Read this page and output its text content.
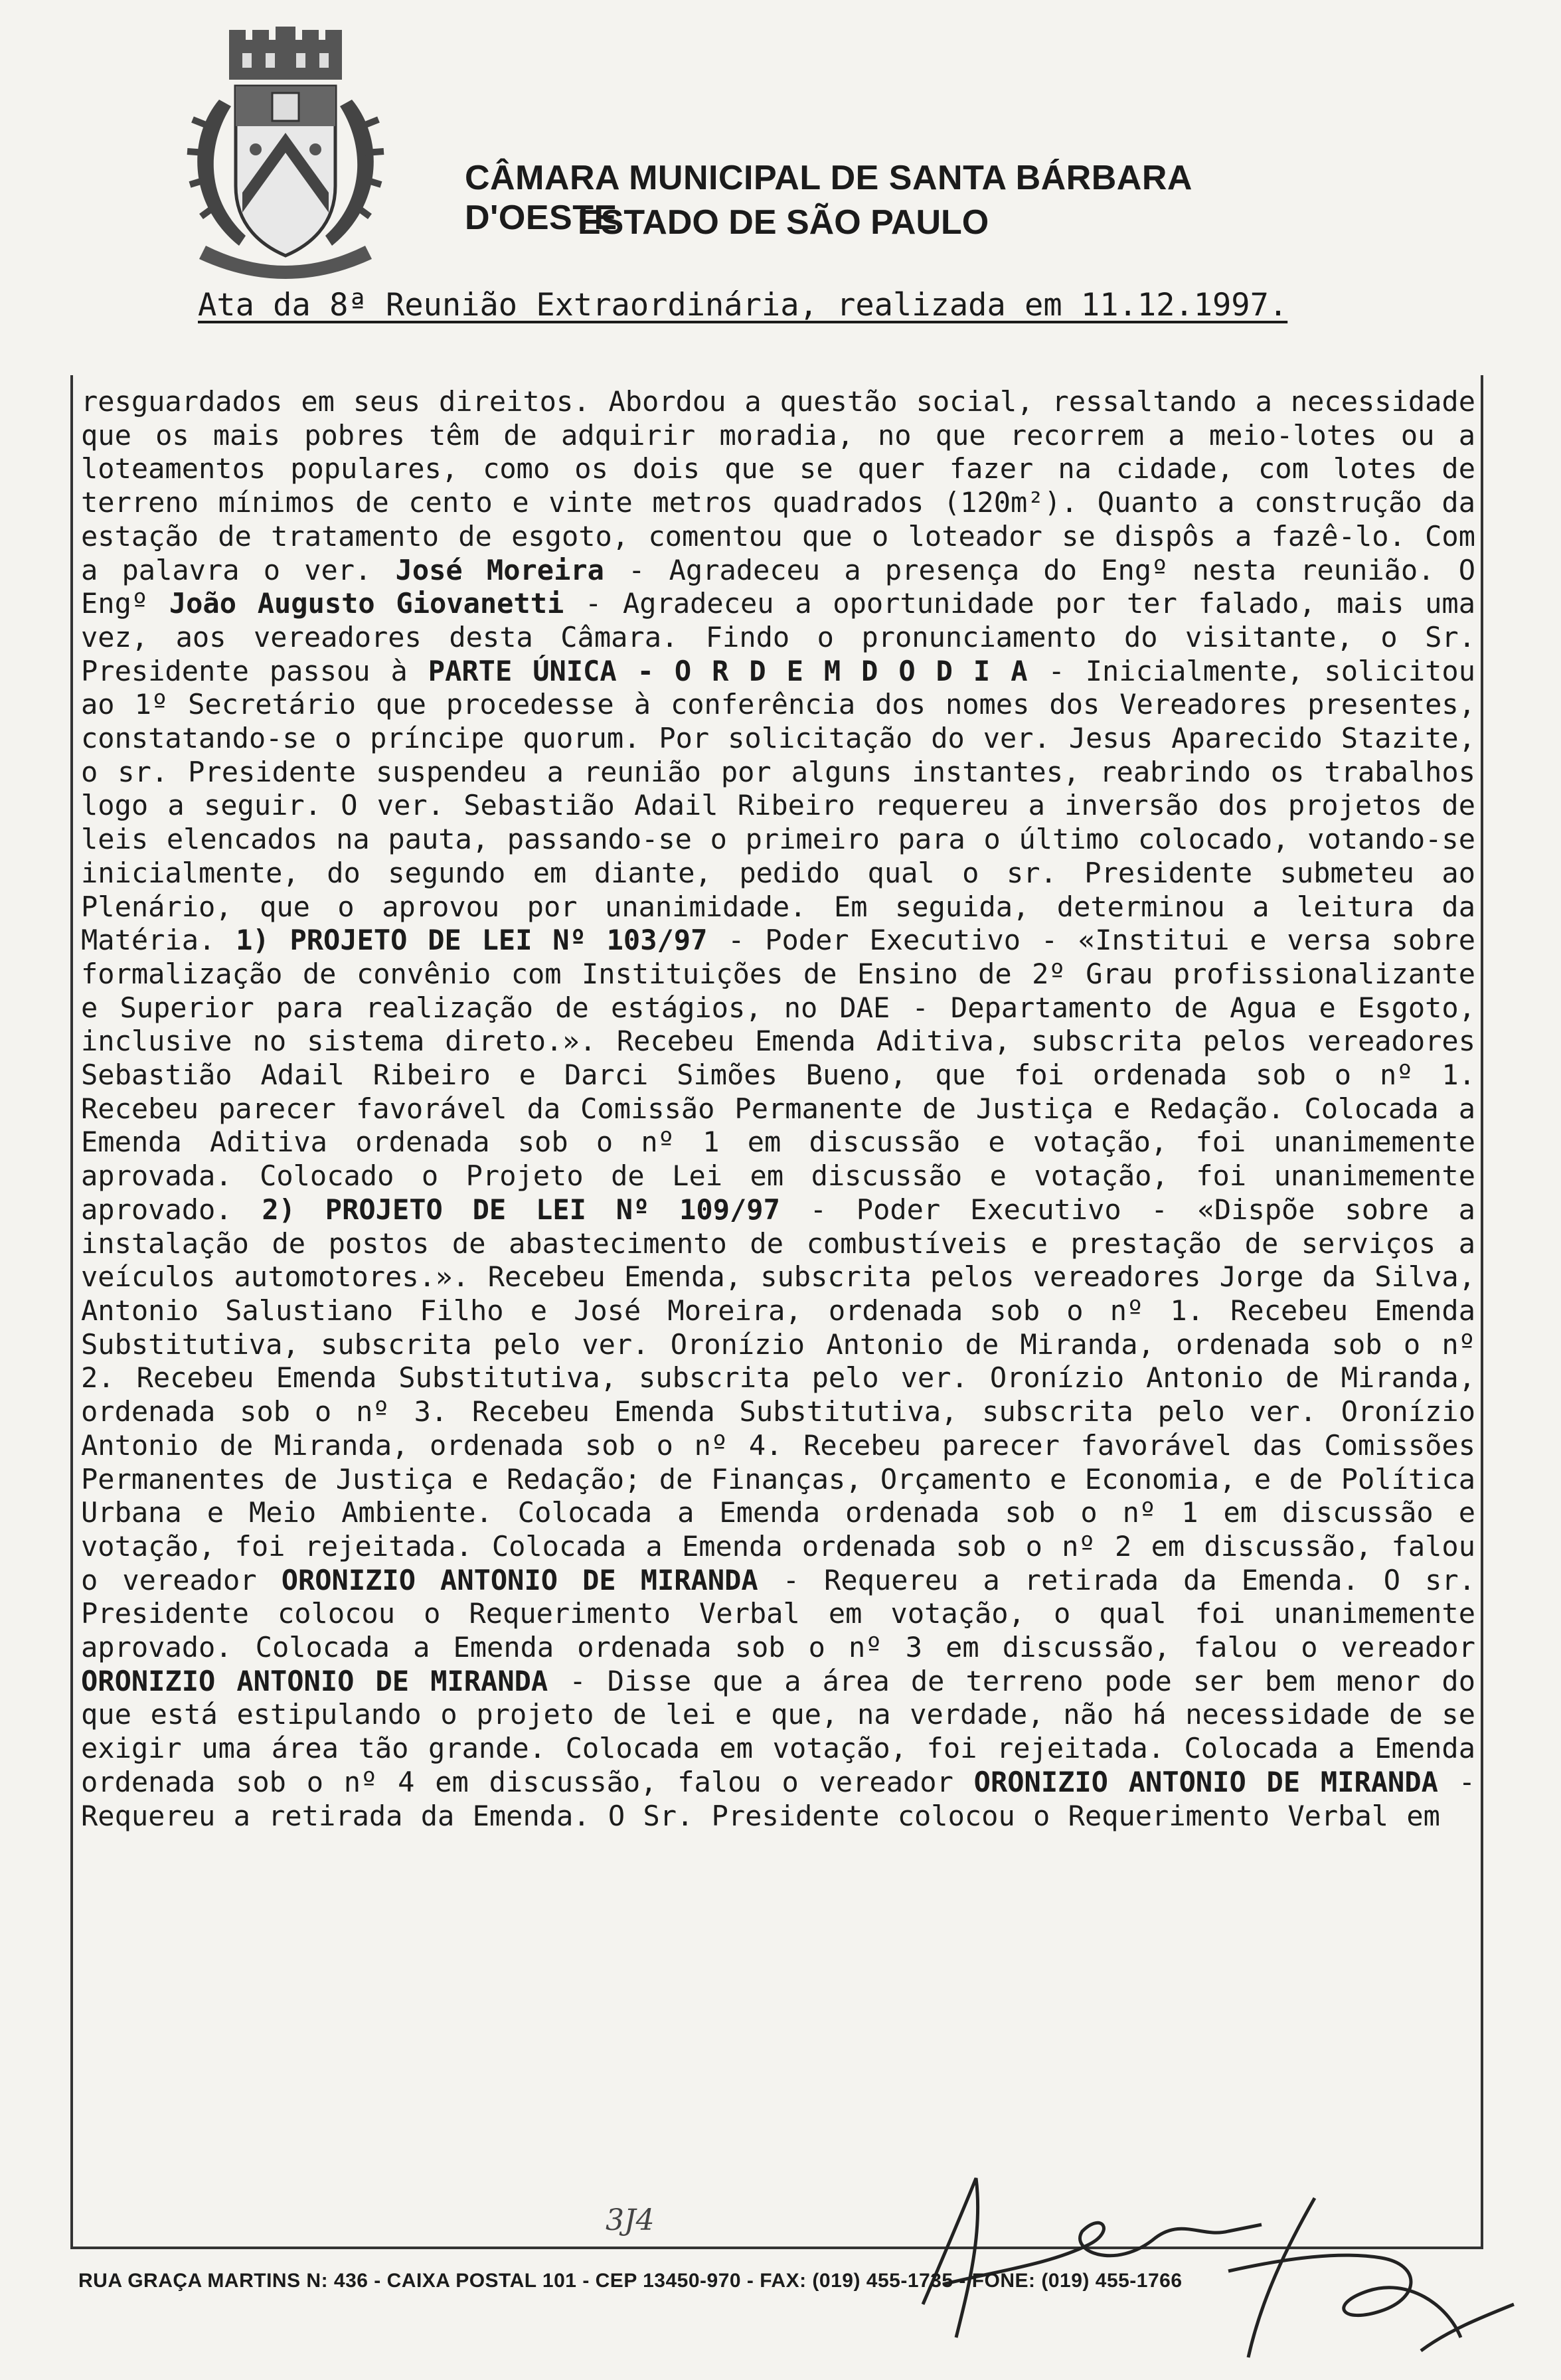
CÂMARA MUNICIPAL DE SANTA BÁRBARA D'OESTE
ESTADO DE SÃO PAULO
Ata da 8ª Reunião Extraordinária, realizada em 11.12.1997.
resguardados em seus direitos. Abordou a questão social, ressaltando a necessidade que os mais pobres têm de adquirir moradia, no que recorrem a meio-lotes ou a loteamentos populares, como os dois que se quer fazer na cidade, com lotes de terreno mínimos de cento e vinte metros quadrados (120m²). Quanto a construção da estação de tratamento de esgoto, comentou que o loteador se dispôs a fazê-lo. Com a palavra o ver. José Moreira - Agradeceu a presença do Engº nesta reunião. O Engº João Augusto Giovanetti - Agradeceu a oportunidade por ter falado, mais uma vez, aos vereadores desta Câmara. Findo o pronunciamento do visitante, o Sr. Presidente passou à PARTE ÚNICA - O R D E M D O D I A - Inicialmente, solicitou ao 1º Secretário que procedesse à conferência dos nomes dos Vereadores presentes, constatando-se o príncipe quorum. Por solicitação do ver. Jesus Aparecido Stazite, o sr. Presidente suspendeu a reunião por alguns instantes, reabrindo os trabalhos logo a seguir. O ver. Sebastião Adail Ribeiro requereu a inversão dos projetos de leis elencados na pauta, passando-se o primeiro para o último colocado, votando-se inicialmente, do segundo em diante, pedido qual o sr. Presidente submeteu ao Plenário, que o aprovou por unanimidade. Em seguida, determinou a leitura da Matéria. 1) PROJETO DE LEI Nº 103/97 - Poder Executivo - «Institui e versa sobre formalização de convênio com Instituições de Ensino de 2º Grau profissionalizante e Superior para realização de estágios, no DAE - Departamento de Agua e Esgoto, inclusive no sistema direto.». Recebeu Emenda Aditiva, subscrita pelos vereadores Sebastião Adail Ribeiro e Darci Simões Bueno, que foi ordenada sob o nº 1. Recebeu parecer favorável da Comissão Permanente de Justiça e Redação. Colocada a Emenda Aditiva ordenada sob o nº 1 em discussão e votação, foi unanimemente aprovada. Colocado o Projeto de Lei em discussão e votação, foi unanimemente aprovado. 2) PROJETO DE LEI Nº 109/97 - Poder Executivo - «Dispõe sobre a instalação de postos de abastecimento de combustíveis e prestação de serviços a veículos automotores.». Recebeu Emenda, subscrita pelos vereadores Jorge da Silva, Antonio Salustiano Filho e José Moreira, ordenada sob o nº 1. Recebeu Emenda Substitutiva, subscrita pelo ver. Oronízio Antonio de Miranda, ordenada sob o nº 2. Recebeu Emenda Substitutiva, subscrita pelo ver. Oronízio Antonio de Miranda, ordenada sob o nº 3. Recebeu Emenda Substitutiva, subscrita pelo ver. Oronízio Antonio de Miranda, ordenada sob o nº 4. Recebeu parecer favorável das Comissões Permanentes de Justiça e Redação; de Finanças, Orçamento e Economia, e de Política Urbana e Meio Ambiente. Colocada a Emenda ordenada sob o nº 1 em discussão e votação, foi rejeitada. Colocada a Emenda ordenada sob o nº 2 em discussão, falou o vereador ORONIZIO ANTONIO DE MIRANDA - Requereu a retirada da Emenda. O sr. Presidente colocou o Requerimento Verbal em votação, o qual foi unanimemente aprovado. Colocada a Emenda ordenada sob o nº 3 em discussão, falou o vereador ORONIZIO ANTONIO DE MIRANDA - Disse que a área de terreno pode ser bem menor do que está estipulando o projeto de lei e que, na verdade, não há necessidade de se exigir uma área tão grande. Colocada em votação, foi rejeitada. Colocada a Emenda ordenada sob o nº 4 em discussão, falou o vereador ORONIZIO ANTONIO DE MIRANDA - Requereu a retirada da Emenda. O Sr. Presidente colocou o Requerimento Verbal em
3J4
RUA GRAÇA MARTINS N: 436 - CAIXA POSTAL 101 - CEP 13450-970 - FAX: (019) 455-1735 - FONE: (019) 455-1766
